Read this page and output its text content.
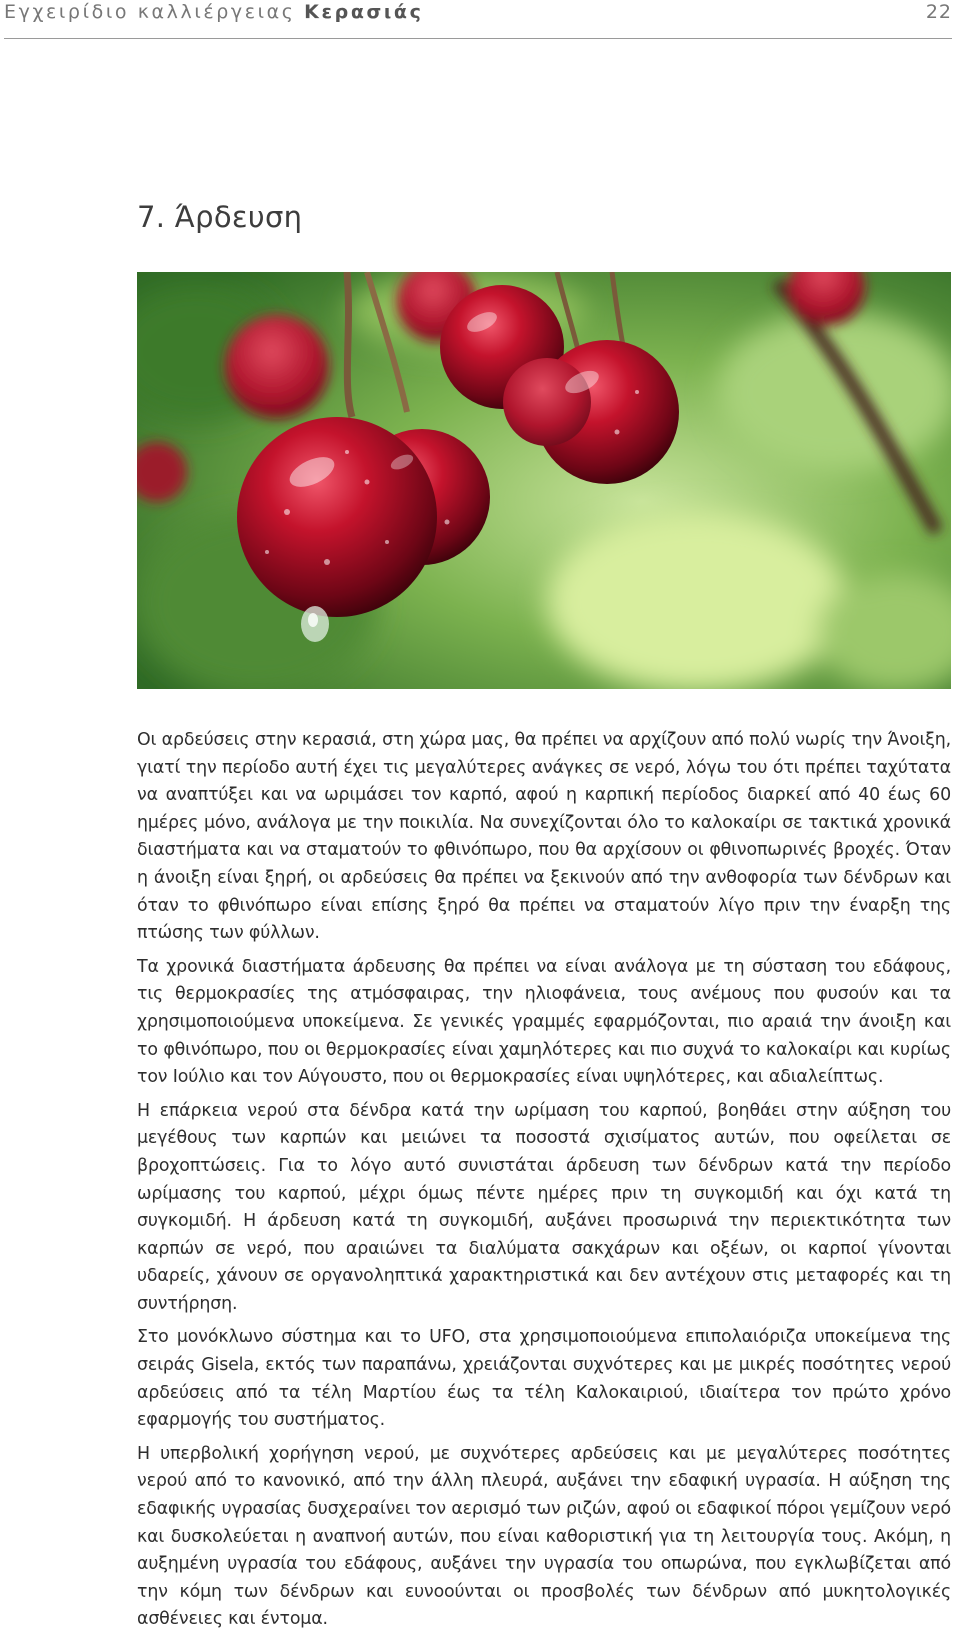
Εγχειρίδιο καλλιέργειας Κερασιάς	22
7. Άρδευση

Οι αρδεύσεις στην κερασιά, στη χώρα μας, θα πρέπει να αρχίζουν από πολύ νωρίς την Άνοιξη, γιατί την περίοδο αυτή έχει τις μεγαλύτερες ανάγκες σε νερό, λόγω του ότι πρέπει ταχύτατα να αναπτύξει και να ωριμάσει τον καρπό, αφού η καρπική περίοδος διαρκεί από 40 έως 60 ημέρες μόνο, ανάλογα με την ποικιλία. Να συνεχίζονται όλο το καλοκαίρι σε τακτικά χρονικά διαστήματα και να σταματούν το φθινόπωρο, που θα αρχίσουν οι φθινοπωρινές βροχές. Όταν η άνοιξη είναι ξηρή, οι αρδεύσεις θα πρέπει να ξεκινούν από την ανθοφορία των δένδρων και όταν το φθινόπωρο είναι επίσης ξηρό θα πρέπει να σταματούν λίγο πριν την έναρξη της πτώσης των φύλλων.

Τα χρονικά διαστήματα άρδευσης θα πρέπει να είναι ανάλογα με τη σύσταση του εδάφους, τις θερμοκρασίες της ατμόσφαιρας, την ηλιοφάνεια, τους ανέμους που φυσούν και τα χρησιμοποιούμενα υποκείμενα. Σε γενικές γραμμές εφαρμόζονται, πιο αραιά την άνοιξη και το φθινόπωρο, που οι θερμοκρασίες είναι χαμηλότερες και πιο συχνά το καλοκαίρι και κυρίως τον Ιούλιο και τον Αύγουστο, που οι θερμοκρασίες είναι υψηλότερες, και αδιαλείπτως.

Η επάρκεια νερού στα δένδρα κατά την ωρίμαση του καρπού, βοηθάει στην αύξηση του μεγέθους των καρπών και μειώνει τα ποσοστά σχισίματος αυτών, που οφείλεται σε βροχοπτώσεις. Για το λόγο αυτό συνιστάται άρδευση των δένδρων κατά την περίοδο ωρίμασης του καρπού, μέχρι όμως πέντε ημέρες πριν τη συγκομιδή και όχι κατά τη συγκομιδή. Η άρδευση κατά τη συγκομιδή, αυξάνει προσωρινά την περιεκτικότητα των καρπών σε νερό, που αραιώνει τα διαλύματα σακχάρων και οξέων, οι καρποί γίνονται υδαρείς, χάνουν σε οργανοληπτικά χαρακτηριστικά και δεν αντέχουν στις μεταφορές και τη συντήρηση.

Στο μονόκλωνο σύστημα και το UFO, στα χρησιμοποιούμενα επιπολαιόριζα υποκείμενα της σειράς Gisela, εκτός των παραπάνω, χρειάζονται συχνότερες και με μικρές ποσότητες νερού αρδεύσεις από τα τέλη Μαρτίου έως τα τέλη Καλοκαιριού, ιδιαίτερα τον πρώτο χρόνο εφαρμογής του συστήματος.

Η υπερβολική χορήγηση νερού, με συχνότερες αρδεύσεις και με μεγαλύτερες ποσότητες νερού από το κανονικό, από την άλλη πλευρά, αυξάνει την εδαφική υγρασία. Η αύξηση της εδαφικής υγρασίας δυσχεραίνει τον αερισμό των ριζών, αφού οι εδαφικοί πόροι γεμίζουν νερό και δυσκολεύεται η αναπνοή αυτών, που είναι καθοριστική για τη λειτουργία τους. Ακόμη, η αυξημένη υγρασία του εδάφους, αυξάνει την υγρασία του οπωρώνα, που εγκλωβίζεται από την κόμη των δένδρων και ευνοούνται οι προσβολές των δένδρων από μυκητολογικές ασθένειες και έντομα.
